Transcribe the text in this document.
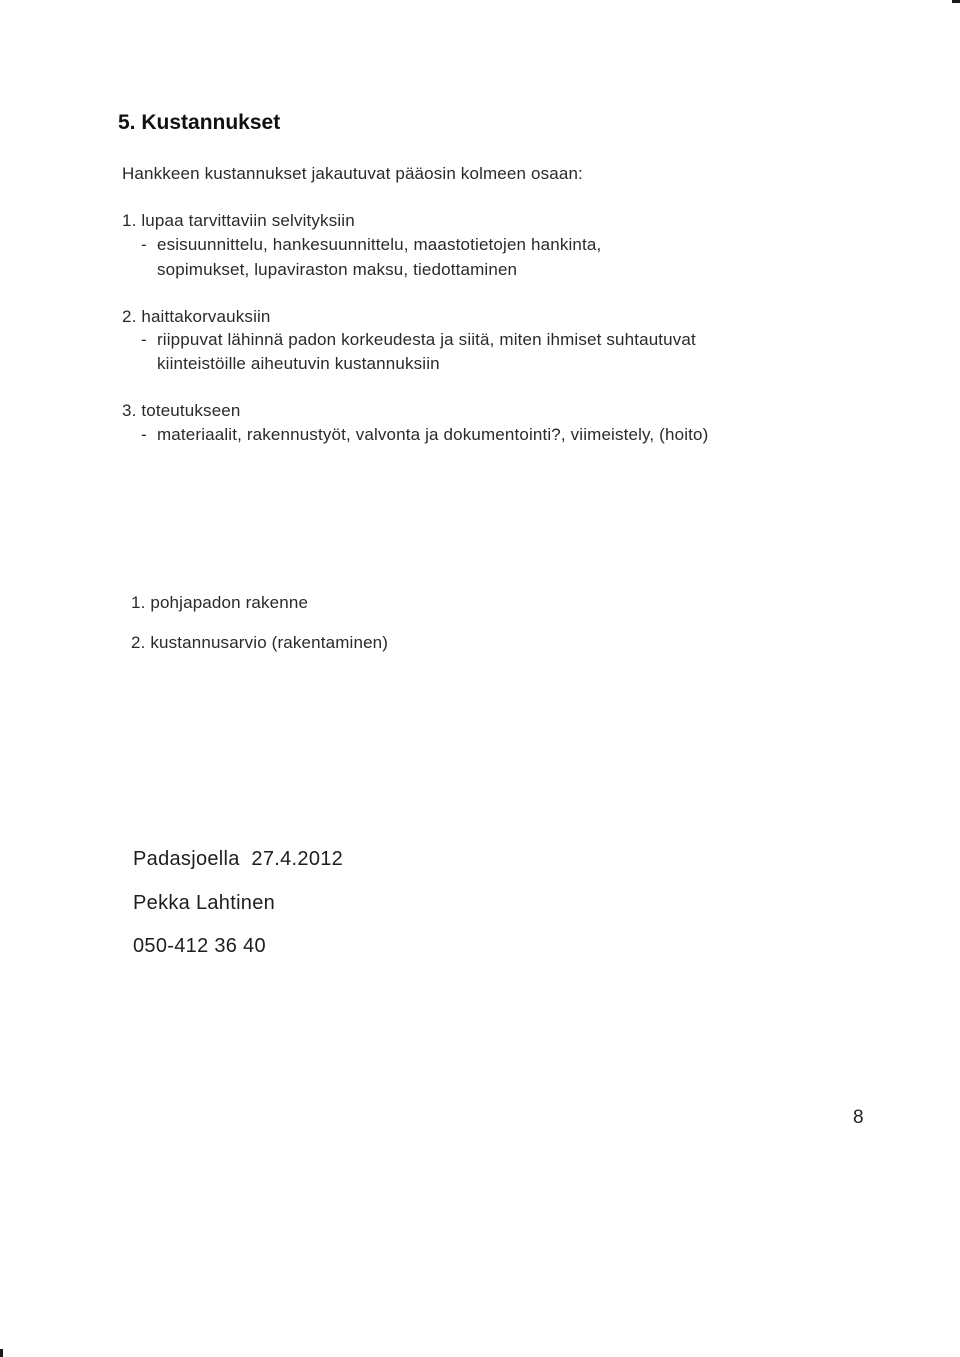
5. Kustannukset
Hankkeen kustannukset jakautuvat pääosin kolmeen osaan:
1. lupaa tarvittaviin selvityksiin
- esisuunnittelu, hankesuunnittelu, maastotietojen hankinta,
sopimukset, lupaviraston maksu, tiedottaminen
2. haittakorvauksiin
- riippuvat lähinnä padon korkeudesta ja siitä, miten ihmiset suhtautuvat
kiinteistöille aiheutuvin kustannuksiin
3. toteutukseen
- materiaalit, rakennustyöt, valvonta ja dokumentointi?, viimeistely, (hoito)
1. pohjapadon rakenne
2. kustannusarvio (rakentaminen)
Padasjoella  27.4.2012
Pekka Lahtinen
050-412 36 40
8
